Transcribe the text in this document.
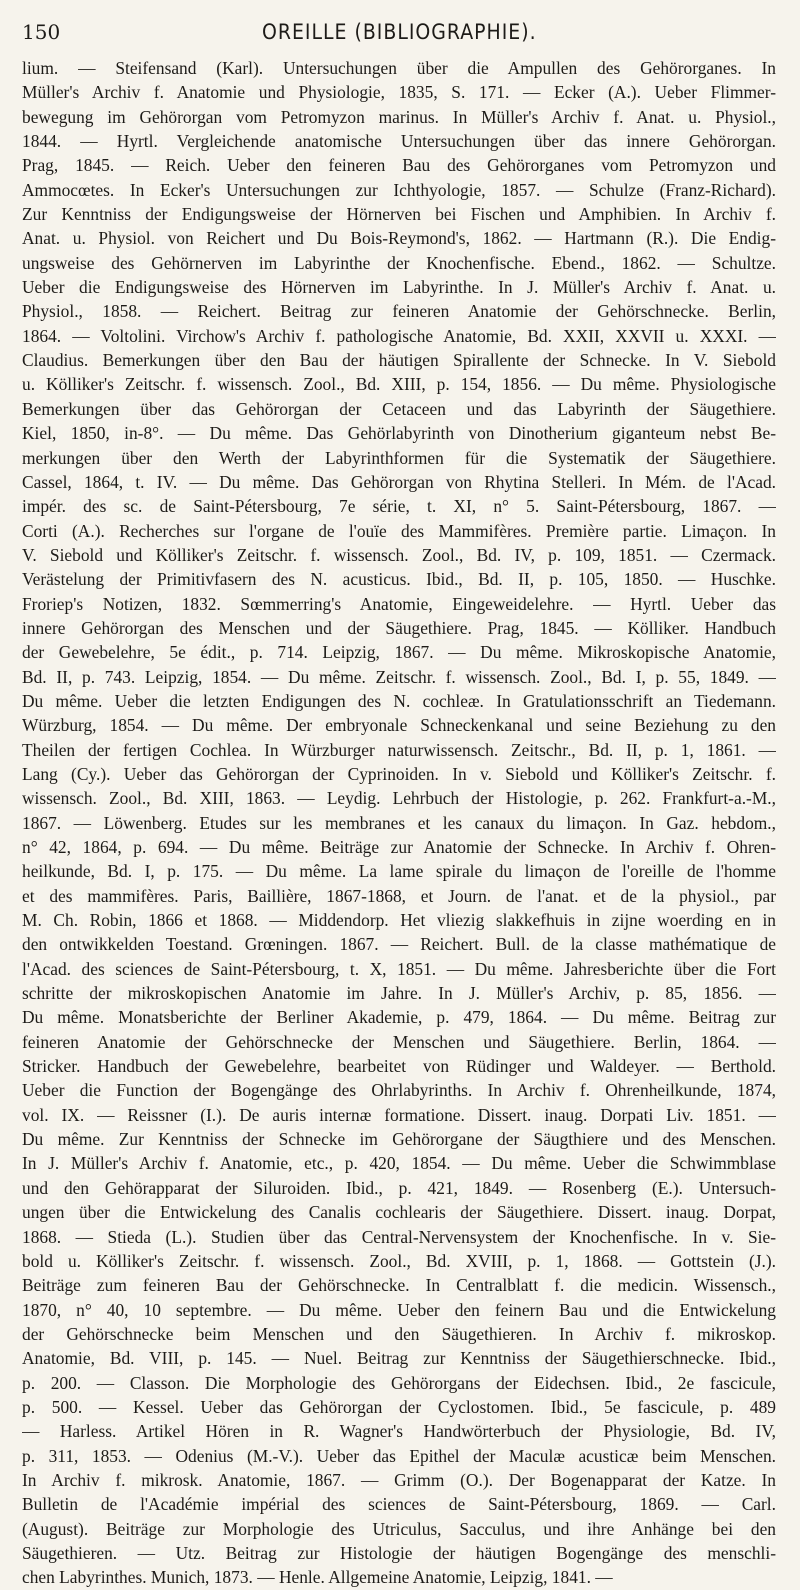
150	OREILLE (BIBLIOGRAPHIE).
lium. — Steifensand (Karl). Untersuchungen über die Ampullen des Gehörorganes. In
Müller's Archiv f. Anatomie und Physiologie, 1835, S. 171. — Ecker (A.). Ueber Flimmer-
bewegung im Gehörorgan vom Petromyzon marinus. In Müller's Archiv f. Anat. u. Physiol.,
1844. — Hyrtl. Vergleichende anatomische Untersuchungen über das innere Gehörorgan.
Prag, 1845. — Reich. Ueber den feineren Bau des Gehörorganes vom Petromyzon und
Ammocœtes. In Ecker's Untersuchungen zur Ichthyologie, 1857. — Schulze (Franz-Richard).
Zur Kenntniss der Endigungsweise der Hörnerven bei Fischen und Amphibien. In Archiv f.
Anat. u. Physiol. von Reichert und Du Bois-Reymond's, 1862. — Hartmann (R.). Die Endig-
ungsweise des Gehörnerven im Labyrinthe der Knochenfische. Ebend., 1862. — Schultze.
Ueber die Endigungsweise des Hörnerven im Labyrinthe. In J. Müller's Archiv f. Anat. u.
Physiol., 1858. — Reichert. Beitrag zur feineren Anatomie der Gehörschnecke. Berlin,
1864. — Voltolini. Virchow's Archiv f. pathologische Anatomie, Bd. XXII, XXVII u. XXXI. —
Claudius. Bemerkungen über den Bau der häutigen Spirallente der Schnecke. In V. Siebold
u. Kölliker's Zeitschr. f. wissensch. Zool., Bd. XIII, p. 154, 1856. — Du même. Physiologische
Bemerkungen über das Gehörorgan der Cetaceen und das Labyrinth der Säugethiere.
Kiel, 1850, in-8°. — Du même. Das Gehörlabyrinth von Dinotherium giganteum nebst Be-
merkungen über den Werth der Labyrinthformen für die Systematik der Säugethiere.
Cassel, 1864, t. IV. — Du même. Das Gehörorgan von Rhytina Stelleri. In Mém. de l'Acad.
impér. des sc. de Saint-Pétersbourg, 7e série, t. XI, n° 5. Saint-Pétersbourg, 1867. —
Corti (A.). Recherches sur l'organe de l'ouïe des Mammifères. Première partie. Limaçon. In
V. Siebold und Kölliker's Zeitschr. f. wissensch. Zool., Bd. IV, p. 109, 1851. — Czermack.
Verästelung der Primitivfasern des N. acusticus. Ibid., Bd. II, p. 105, 1850. — Huschke.
Froriep's Notizen, 1832. Sœmmerring's Anatomie, Eingeweidelehre. — Hyrtl. Ueber das
innere Gehörorgan des Menschen und der Säugethiere. Prag, 1845. — Kölliker. Handbuch
der Gewebelehre, 5e édit., p. 714. Leipzig, 1867. — Du même. Mikroskopische Anatomie,
Bd. II, p. 743. Leipzig, 1854. — Du même. Zeitschr. f. wissensch. Zool., Bd. I, p. 55, 1849. —
Du même. Ueber die letzten Endigungen des N. cochleæ. In Gratulationsschrift an Tiedemann.
Würzburg, 1854. — Du même. Der embryonale Schneckenkanal und seine Beziehung zu den
Theilen der fertigen Cochlea. In Würzburger naturwissensch. Zeitschr., Bd. II, p. 1, 1861. —
Lang (Cy.). Ueber das Gehörorgan der Cyprinoiden. In v. Siebold und Kölliker's Zeitschr. f.
wissensch. Zool., Bd. XIII, 1863. — Leydig. Lehrbuch der Histologie, p. 262. Frankfurt-a.-M.,
1867. — Löwenberg. Etudes sur les membranes et les canaux du limaçon. In Gaz. hebdom.,
n° 42, 1864, p. 694. — Du même. Beiträge zur Anatomie der Schnecke. In Archiv f. Ohren-
heilkunde, Bd. I, p. 175. — Du même. La lame spirale du limaçon de l'oreille de l'homme
et des mammifères. Paris, Baillière, 1867-1868, et Journ. de l'anat. et de la physiol., par
M. Ch. Robin, 1866 et 1868. — Middendorp. Het vliezig slakkefhuis in zijne woerding en in
den ontwikkelden Toestand. Grœningen. 1867. — Reichert. Bull. de la classe mathématique de
l'Acad. des sciences de Saint-Pétersbourg, t. X, 1851. — Du même. Jahresberichte über die Fort
schritte der mikroskopischen Anatomie im Jahre. In J. Müller's Archiv, p. 85, 1856. —
Du même. Monatsberichte der Berliner Akademie, p. 479, 1864. — Du même. Beitrag zur
feineren Anatomie der Gehörschnecke der Menschen und Säugethiere. Berlin, 1864. —
Stricker. Handbuch der Gewebelehre, bearbeitet von Rüdinger und Waldeyer. — Berthold.
Ueber die Function der Bogengänge des Ohrlabyrinths. In Archiv f. Ohrenheilkunde, 1874,
vol. IX. — Reissner (I.). De auris internæ formatione. Dissert. inaug. Dorpati Liv. 1851. —
Du même. Zur Kenntniss der Schnecke im Gehörorgane der Säugthiere und des Menschen.
In J. Müller's Archiv f. Anatomie, etc., p. 420, 1854. — Du même. Ueber die Schwimmblase
und den Gehörapparat der Siluroiden. Ibid., p. 421, 1849. — Rosenberg (E.). Untersuch-
ungen über die Entwickelung des Canalis cochlearis der Säugethiere. Dissert. inaug. Dorpat,
1868. — Stieda (L.). Studien über das Central-Nervensystem der Knochenfische. In v. Sie-
bold u. Kölliker's Zeitschr. f. wissensch. Zool., Bd. XVIII, p. 1, 1868. — Gottstein (J.).
Beiträge zum feineren Bau der Gehörschnecke. In Centralblatt f. die medicin. Wissensch.,
1870, n° 40, 10 septembre. — Du même. Ueber den feinern Bau und die Entwickelung
der Gehörschnecke beim Menschen und den Säugethieren. In Archiv f. mikroskop.
Anatomie, Bd. VIII, p. 145. — Nuel. Beitrag zur Kenntniss der Säugethierschnecke. Ibid.,
p. 200. — Classon. Die Morphologie des Gehörorgans der Eidechsen. Ibid., 2e fascicule,
p. 500. — Kessel. Ueber das Gehörorgan der Cyclostomen. Ibid., 5e fascicule, p. 489
— Harless. Artikel Hören in R. Wagner's Handwörterbuch der Physiologie, Bd. IV,
p. 311, 1853. — Odenius (M.-V.). Ueber das Epithel der Maculæ acusticæ beim Menschen.
In Archiv f. mikrosk. Anatomie, 1867. — Grimm (O.). Der Bogenapparat der Katze. In
Bulletin de l'Académie impérial des sciences de Saint-Pétersbourg, 1869. — Carl.
(August). Beiträge zur Morphologie des Utriculus, Sacculus, und ihre Anhänge bei den
Säugethieren. — Utz. Beitrag zur Histologie der häutigen Bogengänge des menschli-
chen Labyrinthes. Munich, 1873. — Henle. Allgemeine Anatomie, Leipzig, 1841. —
